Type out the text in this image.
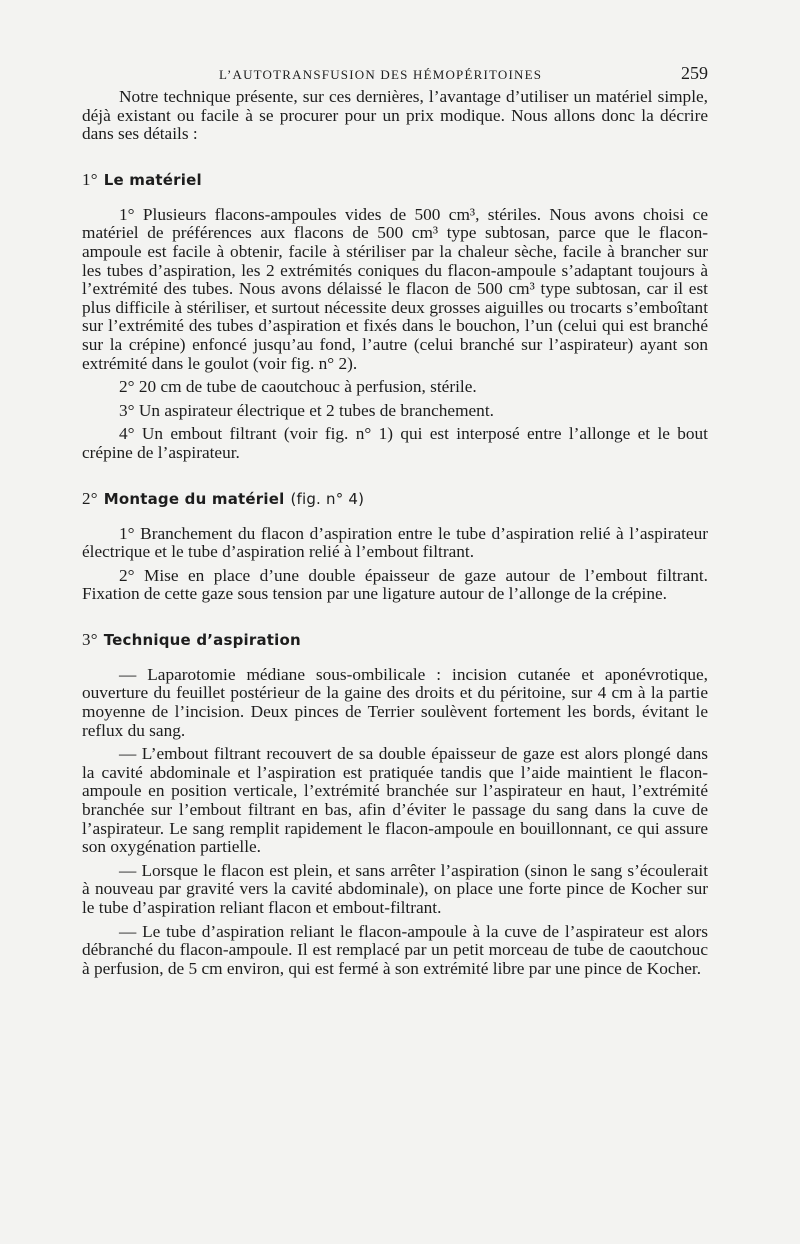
L’AUTOTRANSFUSION DES HÉMOPÉRITOINES	259

Notre technique présente, sur ces dernières, l’avantage d’utiliser un matériel simple, déjà existant ou facile à se procurer pour un prix modique. Nous allons donc la décrire dans ses détails :

1° Le matériel

1° Plusieurs flacons-ampoules vides de 500 cm³, stériles. Nous avons choisi ce matériel de préférences aux flacons de 500 cm³ type subtosan, parce que le flacon-ampoule est facile à obtenir, facile à stériliser par la chaleur sèche, facile à brancher sur les tubes d’aspiration, les 2 extrémités coniques du flacon-ampoule s’adaptant toujours à l’extrémité des tubes. Nous avons délaissé le flacon de 500 cm³ type subtosan, car il est plus difficile à stériliser, et surtout nécessite deux grosses aiguilles ou trocarts s’emboîtant sur l’extrémité des tubes d’aspiration et fixés dans le bouchon, l’un (celui qui est branché sur la crépine) enfoncé jusqu’au fond, l’autre (celui branché sur l’aspirateur) ayant son extrémité dans le goulot (voir fig. n° 2).

2° 20 cm de tube de caoutchouc à perfusion, stérile.

3° Un aspirateur électrique et 2 tubes de branchement.

4° Un embout filtrant (voir fig. n° 1) qui est interposé entre l’allonge et le bout crépine de l’aspirateur.

2° Montage du matériel (fig. n° 4)

1° Branchement du flacon d’aspiration entre le tube d’aspiration relié à l’aspirateur électrique et le tube d’aspiration relié à l’embout filtrant.

2° Mise en place d’une double épaisseur de gaze autour de l’embout filtrant. Fixation de cette gaze sous tension par une ligature autour de l’allonge de la crépine.

3° Technique d’aspiration

— Laparotomie médiane sous-ombilicale : incision cutanée et aponévrotique, ouverture du feuillet postérieur de la gaine des droits et du péritoine, sur 4 cm à la partie moyenne de l’incision. Deux pinces de Terrier soulèvent fortement les bords, évitant le reflux du sang.

— L’embout filtrant recouvert de sa double épaisseur de gaze est alors plongé dans la cavité abdominale et l’aspiration est pratiquée tandis que l’aide maintient le flacon-ampoule en position verticale, l’extrémité branchée sur l’aspirateur en haut, l’extrémité branchée sur l’embout filtrant en bas, afin d’éviter le passage du sang dans la cuve de l’aspirateur. Le sang remplit rapidement le flacon-ampoule en bouillonnant, ce qui assure son oxygénation partielle.

— Lorsque le flacon est plein, et sans arrêter l’aspiration (sinon le sang s’écoulerait à nouveau par gravité vers la cavité abdominale), on place une forte pince de Kocher sur le tube d’aspiration reliant flacon et embout-filtrant.

— Le tube d’aspiration reliant le flacon-ampoule à la cuve de l’aspirateur est alors débranché du flacon-ampoule. Il est remplacé par un petit morceau de tube de caoutchouc à perfusion, de 5 cm environ, qui est fermé à son extrémité libre par une pince de Kocher.
